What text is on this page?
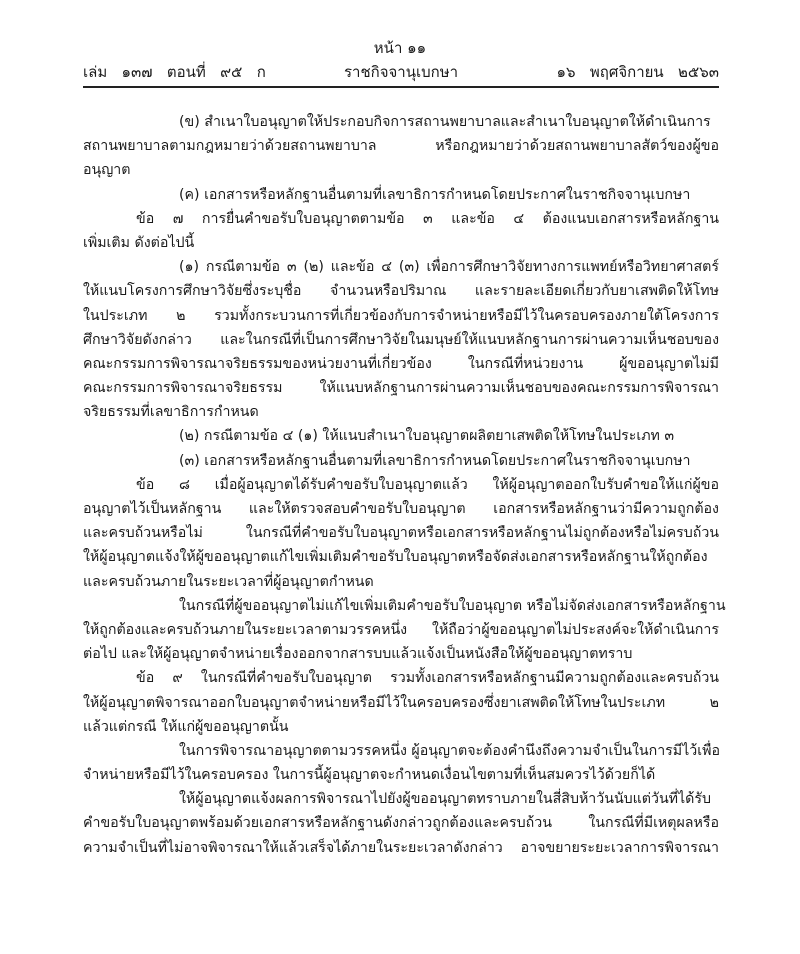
หน้า ๑๑
เล่ม   ๑๓๗   ตอนที่   ๙๕   ก	ราชกิจจานุเบกษา	๑๖   พฤศจิกายน   ๒๕๖๓
(ข) สำเนาใบอนุญาตให้ประกอบกิจการสถานพยาบาลและสำเนาใบอนุญาตให้ดำเนินการ
สถานพยาบาลตามกฎหมายว่าด้วยสถานพยาบาล หรือกฎหมายว่าด้วยสถานพยาบาลสัตว์ของผู้ขอ
อนุญาต
(ค) เอกสารหรือหลักฐานอื่นตามที่เลขาธิการกำหนดโดยประกาศในราชกิจจานุเบกษา
ข้อ ๗ การยื่นคำขอรับใบอนุญาตตามข้อ ๓ และข้อ ๔ ต้องแนบเอกสารหรือหลักฐาน
เพิ่มเติม ดังต่อไปนี้
(๑) กรณีตามข้อ ๓ (๒) และข้อ ๔ (๓) เพื่อการศึกษาวิจัยทางการแพทย์หรือวิทยาศาสตร์
ให้แนบโครงการศึกษาวิจัยซึ่งระบุชื่อ จำนวนหรือปริมาณ และรายละเอียดเกี่ยวกับยาเสพติดให้โทษ
ในประเภท ๒ รวมทั้งกระบวนการที่เกี่ยวข้องกับการจำหน่ายหรือมีไว้ในครอบครองภายใต้โครงการ
ศึกษาวิจัยดังกล่าว และในกรณีที่เป็นการศึกษาวิจัยในมนุษย์ให้แนบหลักฐานการผ่านความเห็นชอบของ
คณะกรรมการพิจารณาจริยธรรมของหน่วยงานที่เกี่ยวข้อง ในกรณีที่หน่วยงาน ผู้ขออนุญาตไม่มี
คณะกรรมการพิจารณาจริยธรรม ให้แนบหลักฐานการผ่านความเห็นชอบของคณะกรรมการพิจารณา
จริยธรรมที่เลขาธิการกำหนด
(๒) กรณีตามข้อ ๔ (๑) ให้แนบสำเนาใบอนุญาตผลิตยาเสพติดให้โทษในประเภท ๓
(๓) เอกสารหรือหลักฐานอื่นตามที่เลขาธิการกำหนดโดยประกาศในราชกิจจานุเบกษา
ข้อ ๘ เมื่อผู้อนุญาตได้รับคำขอรับใบอนุญาตแล้ว ให้ผู้อนุญาตออกใบรับคำขอให้แก่ผู้ขอ
อนุญาตไว้เป็นหลักฐาน และให้ตรวจสอบคำขอรับใบอนุญาต เอกสารหรือหลักฐานว่ามีความถูกต้อง
และครบถ้วนหรือไม่ ในกรณีที่คำขอรับใบอนุญาตหรือเอกสารหรือหลักฐานไม่ถูกต้องหรือไม่ครบถ้วน
ให้ผู้อนุญาตแจ้งให้ผู้ขออนุญาตแก้ไขเพิ่มเติมคำขอรับใบอนุญาตหรือจัดส่งเอกสารหรือหลักฐานให้ถูกต้อง
และครบถ้วนภายในระยะเวลาที่ผู้อนุญาตกำหนด
ในกรณีที่ผู้ขออนุญาตไม่แก้ไขเพิ่มเติมคำขอรับใบอนุญาต หรือไม่จัดส่งเอกสารหรือหลักฐาน
ให้ถูกต้องและครบถ้วนภายในระยะเวลาตามวรรคหนึ่ง ให้ถือว่าผู้ขออนุญาตไม่ประสงค์จะให้ดำเนินการ
ต่อไป และให้ผู้อนุญาตจำหน่ายเรื่องออกจากสารบบแล้วแจ้งเป็นหนังสือให้ผู้ขออนุญาตทราบ
ข้อ ๙ ในกรณีที่คำขอรับใบอนุญาต รวมทั้งเอกสารหรือหลักฐานมีความถูกต้องและครบถ้วน
ให้ผู้อนุญาตพิจารณาออกใบอนุญาตจำหน่ายหรือมีไว้ในครอบครองซึ่งยาเสพติดให้โทษในประเภท ๒
แล้วแต่กรณี ให้แก่ผู้ขออนุญาตนั้น
ในการพิจารณาอนุญาตตามวรรคหนึ่ง ผู้อนุญาตจะต้องคำนึงถึงความจำเป็นในการมีไว้เพื่อ
จำหน่ายหรือมีไว้ในครอบครอง ในการนี้ผู้อนุญาตจะกำหนดเงื่อนไขตามที่เห็นสมควรไว้ด้วยก็ได้
ให้ผู้อนุญาตแจ้งผลการพิจารณาไปยังผู้ขออนุญาตทราบภายในสี่สิบห้าวันนับแต่วันที่ได้รับ
คำขอรับใบอนุญาตพร้อมด้วยเอกสารหรือหลักฐานดังกล่าวถูกต้องและครบถ้วน ในกรณีที่มีเหตุผลหรือ
ความจำเป็นที่ไม่อาจพิจารณาให้แล้วเสร็จได้ภายในระยะเวลาดังกล่าว อาจขยายระยะเวลาการพิจารณา
